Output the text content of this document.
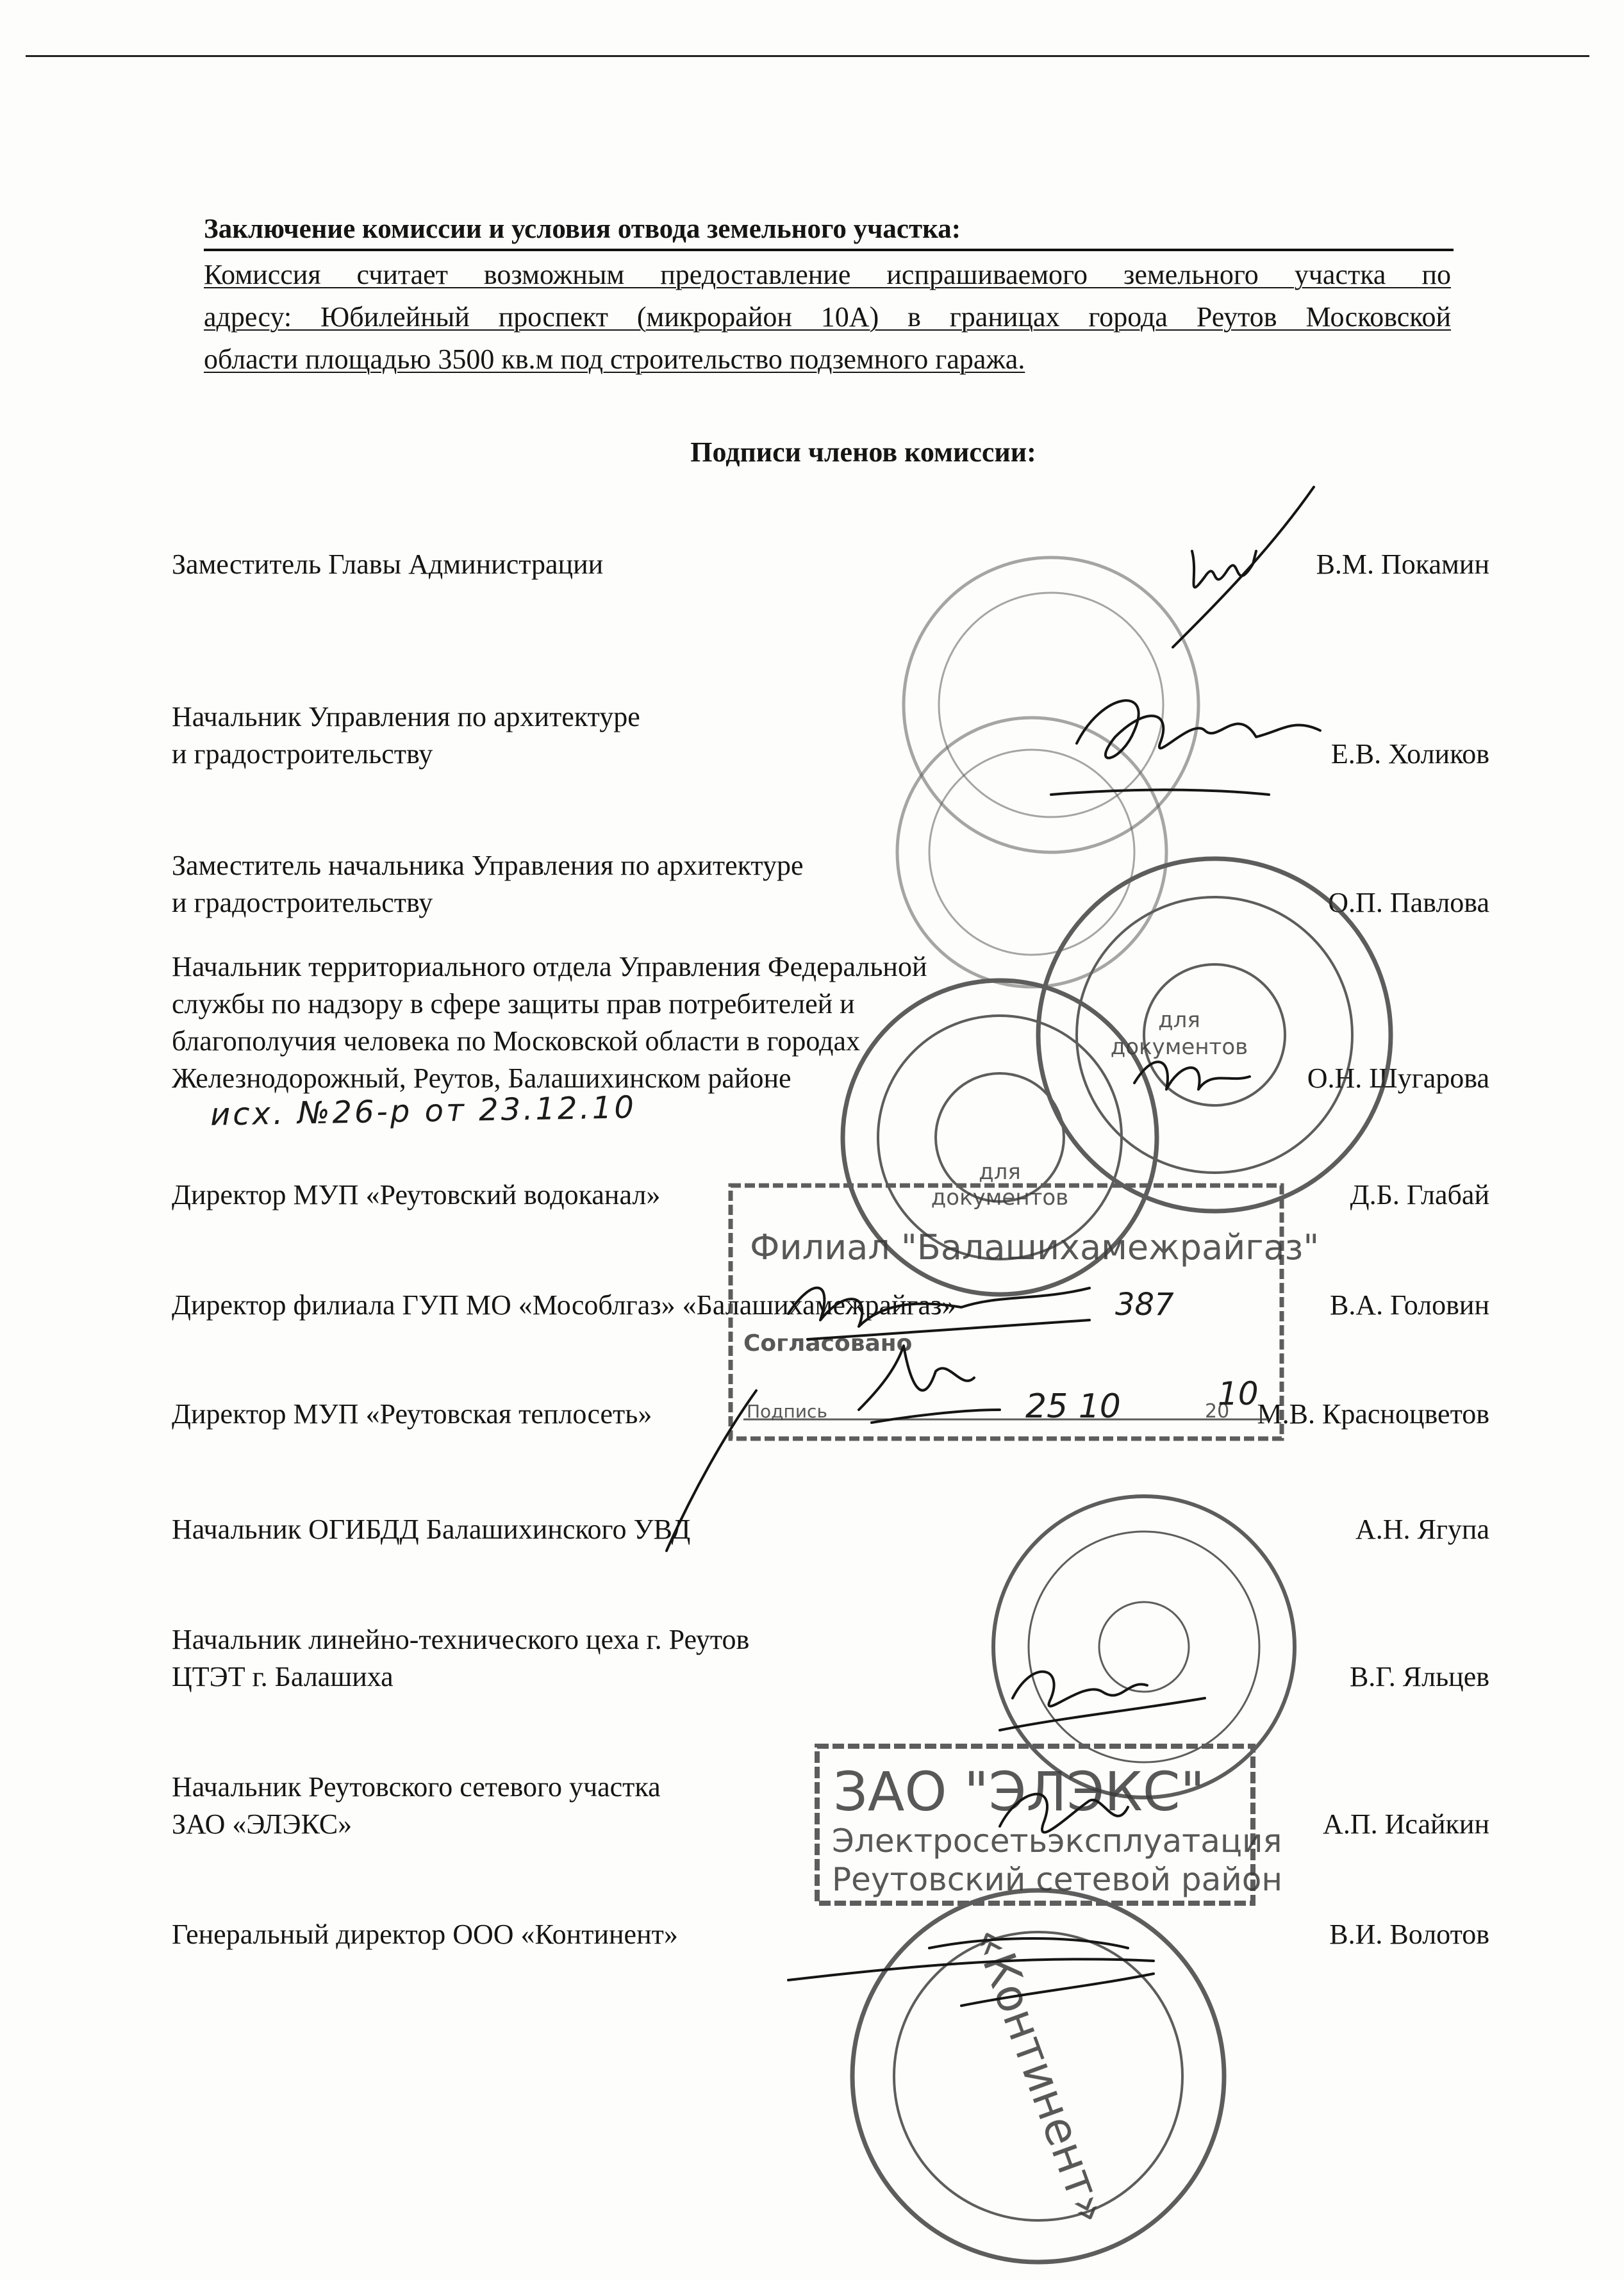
Заключение комиссии и условия отвода земельного участка:
Комиссия считает возможным предоставление испрашиваемого земельного участка по
адресу: Юбилейный проспект (микрорайон 10А) в границах города Реутов Московской
области площадью 3500 кв.м под строительство подземного гаража.
Подписи членов комиссии:
Заместитель Главы Администрации	В.М. Покамин
Начальник Управления по архитектуре
и градостроительству	Е.В. Холиков
Заместитель начальника Управления по архитектуре
и градостроительству	О.П. Павлова
Начальник территориального отдела Управления Федеральной
службы по надзору в сфере защиты прав потребителей и
благополучия человека по Московской области в городах
Железнодорожный, Реутов, Балашихинском районе	О.Н. Шугарова
исх. №26-р от 23.12.10
Директор МУП «Реутовский водоканал»	Д.Б. Глабай
Директор филиала ГУП МО «Мособлгаз» «Балашихамежрайгаз»	В.А. Головин
Директор МУП «Реутовская теплосеть»	М.В. Красноцветов
Начальник ОГИБДД Балашихинского УВД	А.Н. Ягупа
Начальник линейно-технического цеха г. Реутов
ЦТЭТ г. Балашиха	В.Г. Яльцев
Начальник Реутовского сетевого участка
ЗАО «ЭЛЭКС»	А.П. Исайкин
Генеральный директор ООО «Континент»	В.И. Волотов
для
документов
для
документов
Филиал "Балашихамежрайгаз"
Согласовано
Подпись	20
ЗАО "ЭЛЭКС"
Электросетьэксплуатация
Реутовский сетевой район
«Континент»
387
25 10	10
